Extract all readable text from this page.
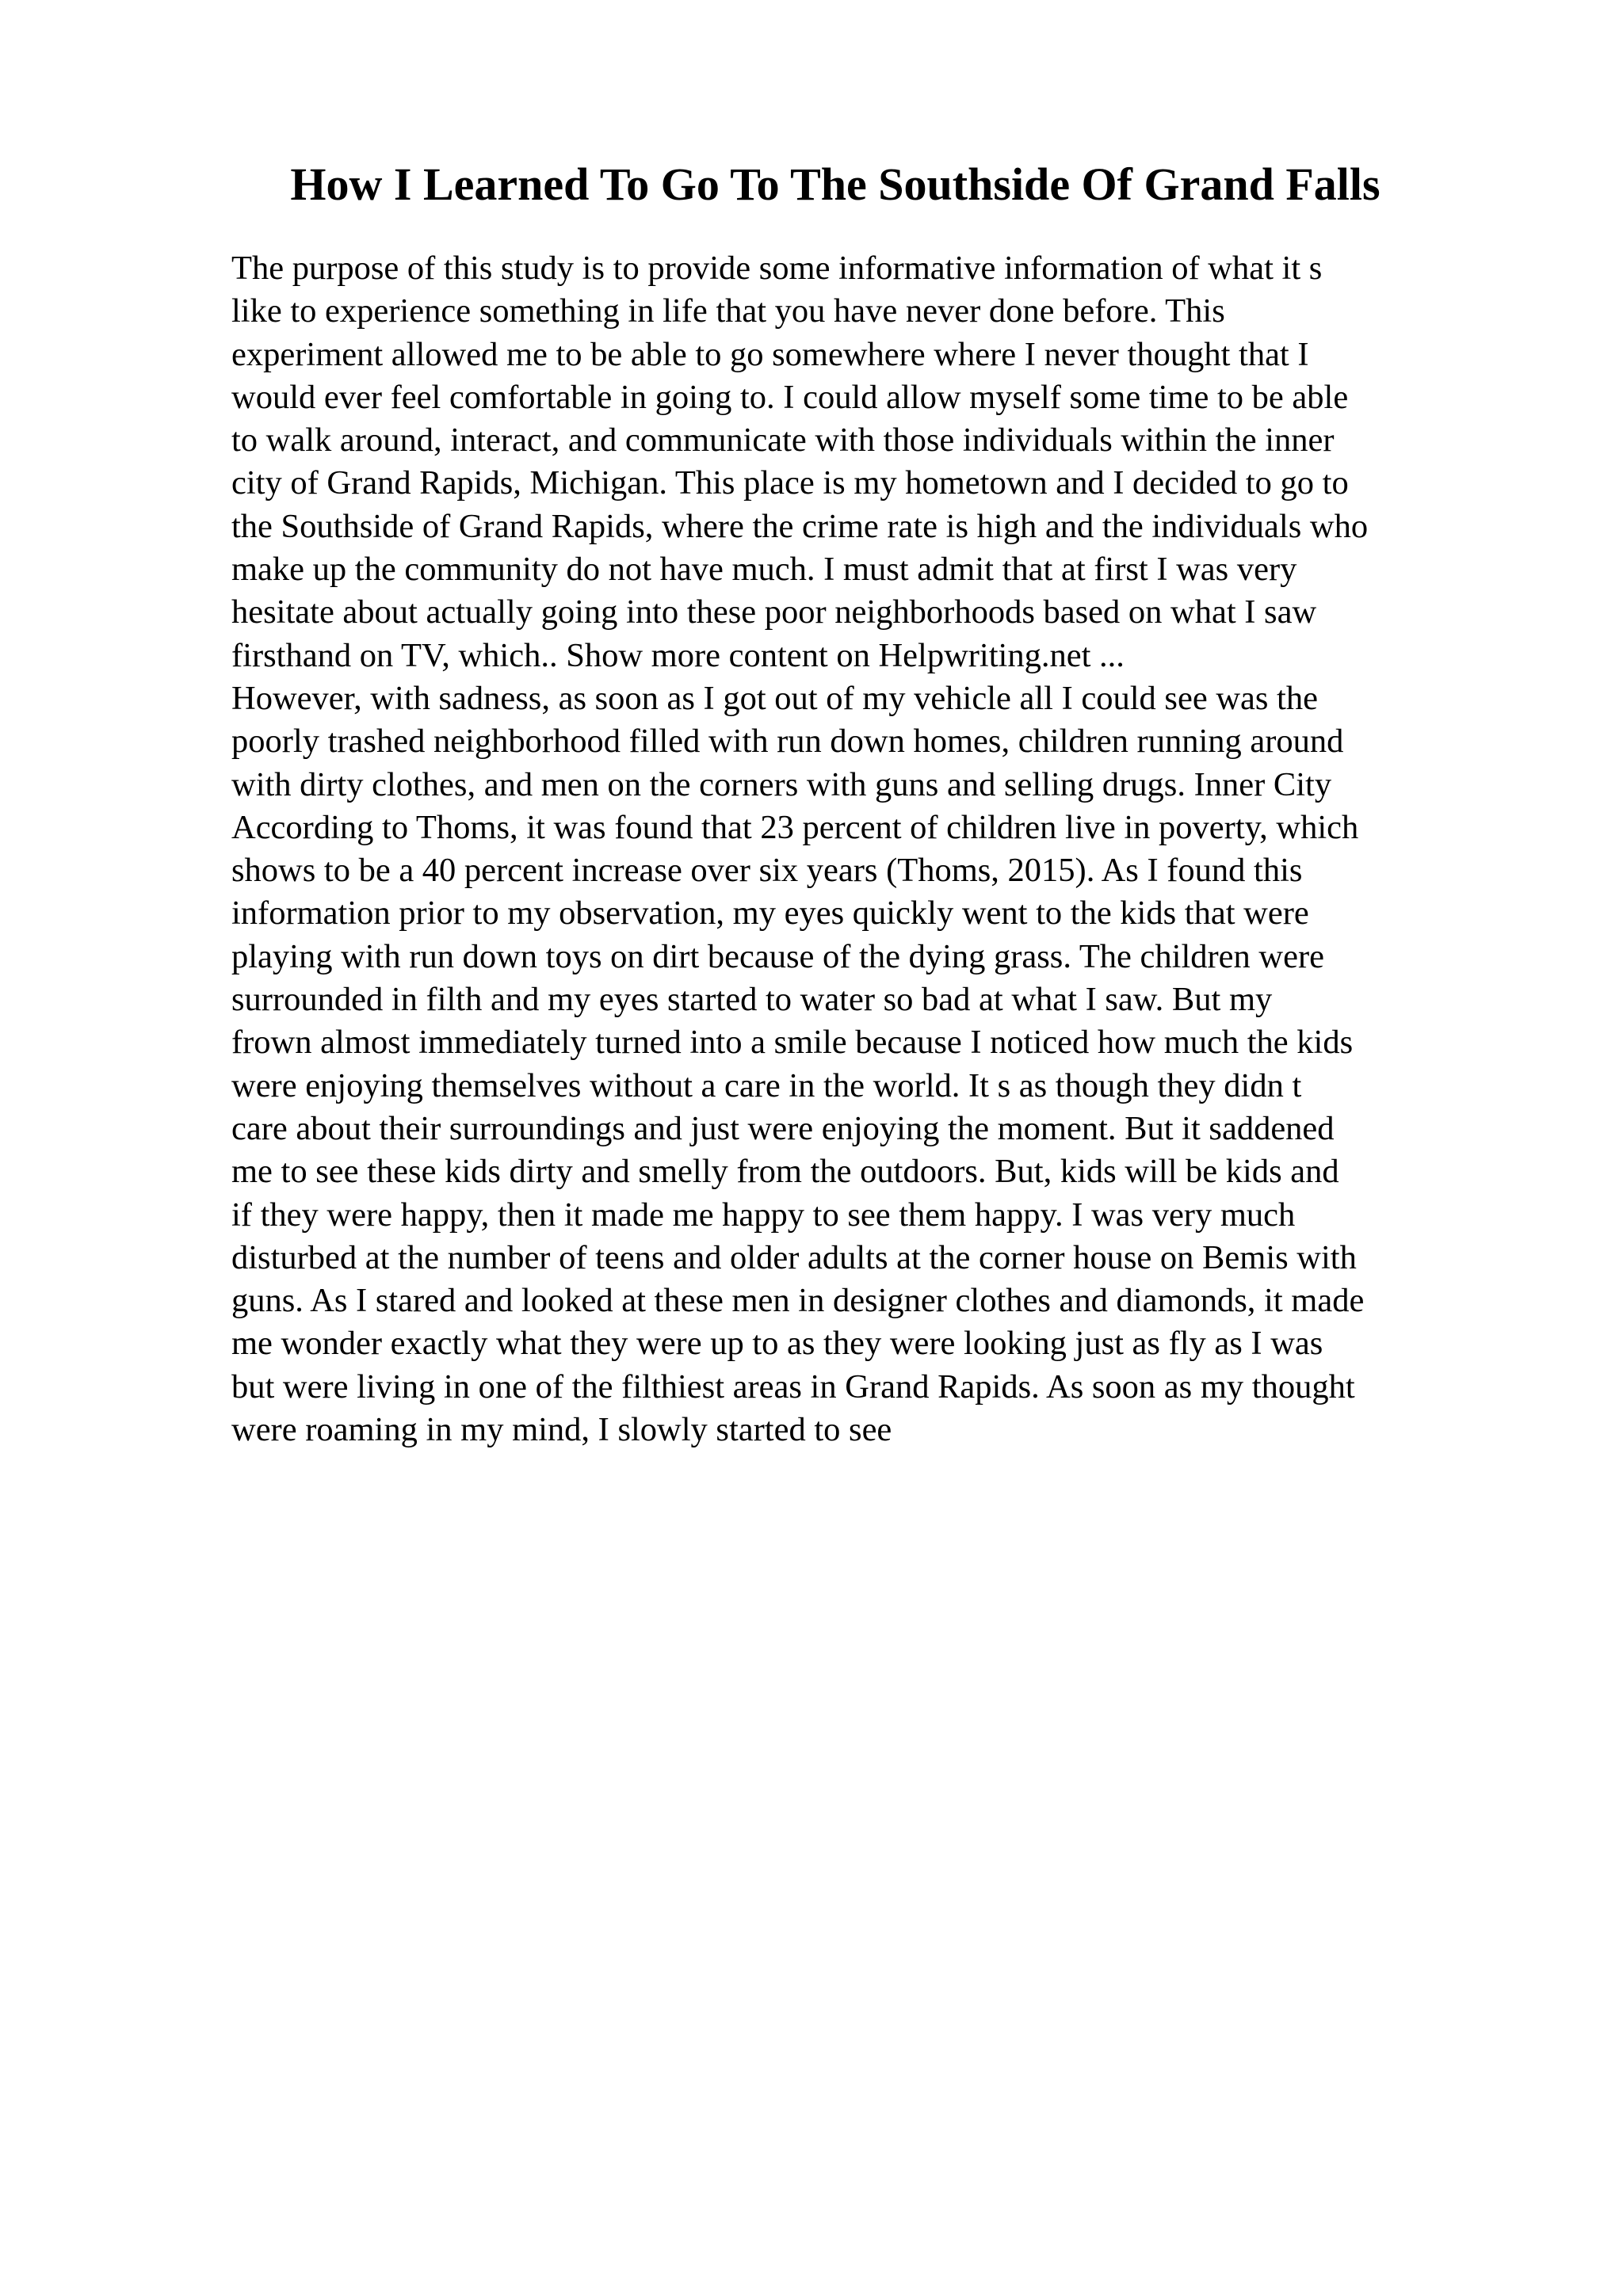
How I Learned To Go To The Southside Of Grand Falls
The purpose of this study is to provide some informative information of what it s
like to experience something in life that you have never done before. This
experiment allowed me to be able to go somewhere where I never thought that I
would ever feel comfortable in going to. I could allow myself some time to be able
to walk around, interact, and communicate with those individuals within the inner
city of Grand Rapids, Michigan. This place is my hometown and I decided to go to
the Southside of Grand Rapids, where the crime rate is high and the individuals who
make up the community do not have much. I must admit that at first I was very
hesitate about actually going into these poor neighborhoods based on what I saw
firsthand on TV, which.. Show more content on Helpwriting.net ...
However, with sadness, as soon as I got out of my vehicle all I could see was the
poorly trashed neighborhood filled with run down homes, children running around
with dirty clothes, and men on the corners with guns and selling drugs. Inner City
According to Thoms, it was found that 23 percent of children live in poverty, which
shows to be a 40 percent increase over six years (Thoms, 2015). As I found this
information prior to my observation, my eyes quickly went to the kids that were
playing with run down toys on dirt because of the dying grass. The children were
surrounded in filth and my eyes started to water so bad at what I saw. But my
frown almost immediately turned into a smile because I noticed how much the kids
were enjoying themselves without a care in the world. It s as though they didn t
care about their surroundings and just were enjoying the moment. But it saddened
me to see these kids dirty and smelly from the outdoors. But, kids will be kids and
if they were happy, then it made me happy to see them happy. I was very much
disturbed at the number of teens and older adults at the corner house on Bemis with
guns. As I stared and looked at these men in designer clothes and diamonds, it made
me wonder exactly what they were up to as they were looking just as fly as I was
but were living in one of the filthiest areas in Grand Rapids. As soon as my thought
were roaming in my mind, I slowly started to see
